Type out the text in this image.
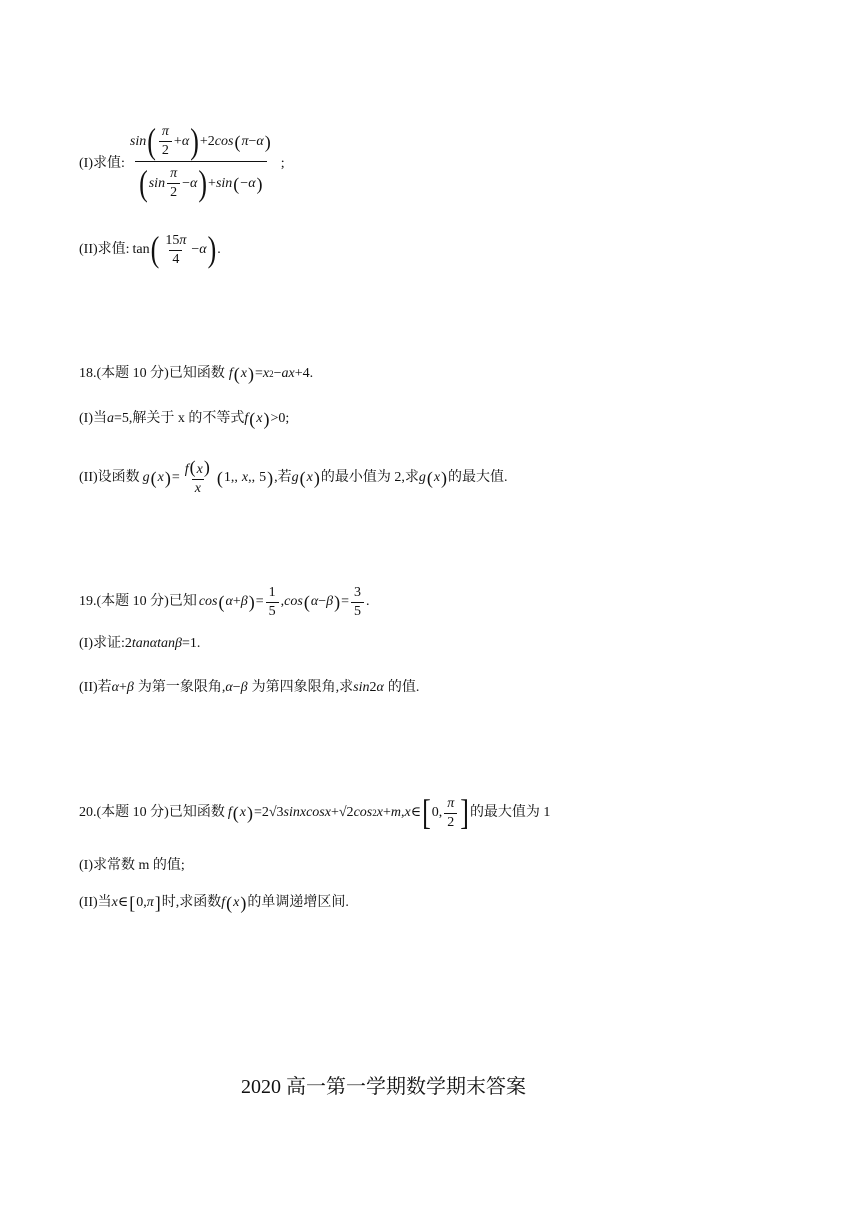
(I)求值: $\frac{\sin ( \frac{\pi}{2} + \alpha ) +2 \cos ( \pi - \alpha )}{( \sin \frac{\pi}{2} - \alpha ) + \sin ( - \alpha )}$ ;
(II)求值: tan ( $\frac{15\pi}{4} - \alpha$ ) .
18.(本题 10 分)已知函数 f ( x ) = x 2 − ax +4 .
(I)当 a =5 ,解关于 x 的不等式 f ( x ) >0 ;
(II)设函数 g ( x ) = $\frac{f(x)}{x}$ ( 1,, x ,, 5 ) ,若 g ( x ) 的最小值为 2,求 g ( x ) 的最大值.
19.(本题 10 分)已知 cos ( α + β ) = $\frac{1}{5}$ , cos ( α − β ) = $\frac{3}{5}$ .
(I)求证: 2 tanαtanβ =1 .
(II)若 α + β 为第一象限角, α − β 为第四象限角,求 sin 2 α 的值.
20.(本题 10 分)已知函数 f ( x ) =2√3 sinxcosx +√2 cos 2 x + m , x ∈ [ 0, $\frac{\pi}{2}$ ] 的最大值为 1
(I)求常数 m 的值;
(II)当 x ∈ [ 0, π ] 时,求函数 f ( x ) 的单调递增区间.
2020 高一第一学期数学期末答案
